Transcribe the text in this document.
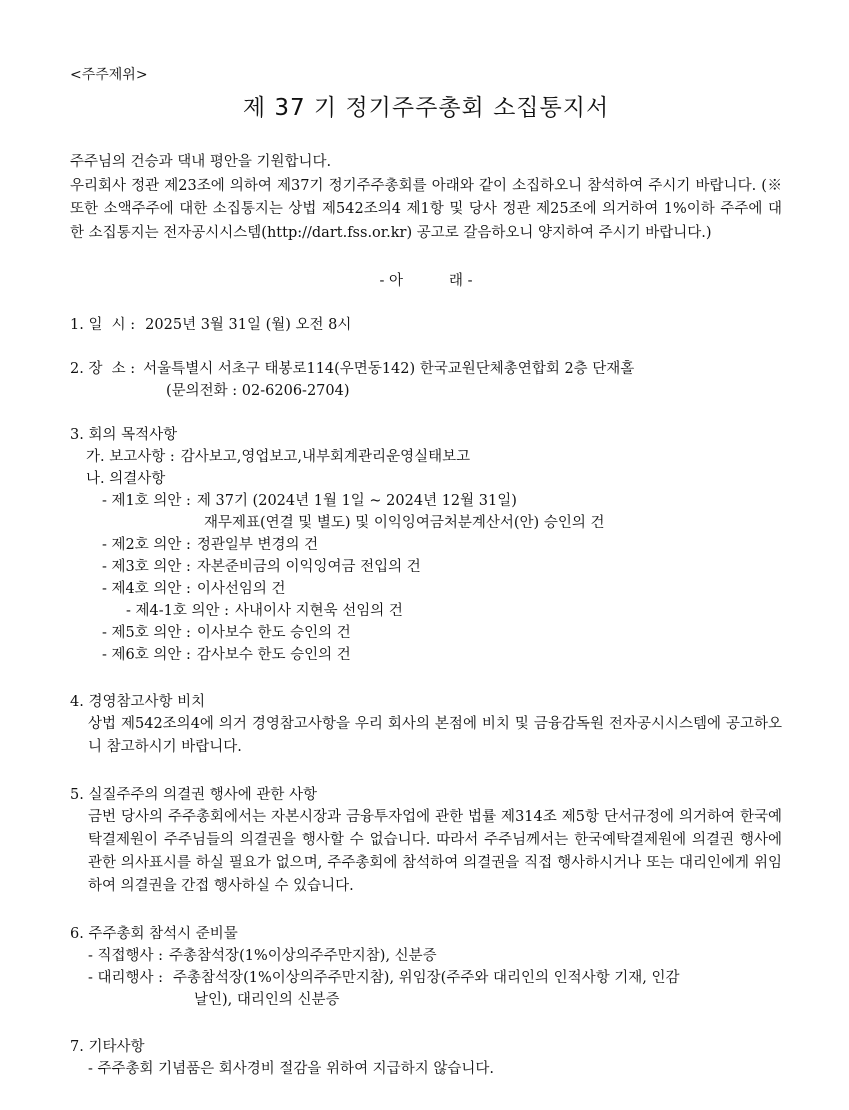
<주주제위>
제 37 기 정기주주총회 소집통지서

주주님의 건승과 댁내 평안을 기원합니다.

우리회사 정관 제23조에 의하여 제37기 정기주주총회를 아래와 같이 소집하오니 참석하여 주시기 바랍니다. (※또한 소액주주에 대한 소집통지는 상법 제542조의4 제1항 및 당사 정관 제25조에 의거하여 1%이하 주주에 대한 소집통지는 전자공시시스템(http://dart.fss.or.kr) 공고로 갈음하오니 양지하여 주시기 바랍니다.)

- 아          래 -
1. 일  시 : 2025년 3월 31일 (월) 오전 8시
2. 장  소 : 서울특별시 서초구 태봉로114(우면동142) 한국교원단체총연합회 2층 단재홀
(문의전화 : 02-6206-2704)
3. 회의 목적사항
가. 보고사항 : 감사보고,영업보고,내부회계관리운영실태보고
나. 의결사항
- 제1호 의안 : 제 37기 (2024년 1월 1일 ~ 2024년 12월 31일)
재무제표(연결 및 별도) 및 이익잉여금처분계산서(안) 승인의 건
- 제2호 의안 : 정관일부 변경의 건
- 제3호 의안 : 자본준비금의 이익잉여금 전입의 건
- 제4호 의안 : 이사선임의 건
- 제4-1호 의안 : 사내이사 지현욱 선임의 건
- 제5호 의안 : 이사보수 한도 승인의 건
- 제6호 의안 : 감사보수 한도 승인의 건
4. 경영참고사항 비치
상법 제542조의4에 의거 경영참고사항을 우리 회사의 본점에 비치 및 금융감독원 전자공시시스템에 공고하오니 참고하시기 바랍니다.
5. 실질주주의 의결권 행사에 관한 사항
금번 당사의 주주총회에서는 자본시장과 금융투자업에 관한 법률 제314조 제5항 단서규정에 의거하여 한국예탁결제원이 주주님들의 의결권을 행사할 수 없습니다. 따라서 주주님께서는 한국예탁결제원에 의결권 행사에 관한 의사표시를 하실 필요가 없으며, 주주총회에 참석하여 의결권을 직접 행사하시거나 또는 대리인에게 위임하여 의결권을 간접 행사하실 수 있습니다.
6. 주주총회 참석시 준비물
- 직접행사 : 주총참석장(1%이상의주주만지참), 신분증
- 대리행사 : 주총참석장(1%이상의주주만지참), 위임장(주주와 대리인의 인적사항 기재, 인감
날인), 대리인의 신분증
7. 기타사항
- 주주총회 기념품은 회사경비 절감을 위하여 지급하지 않습니다.
